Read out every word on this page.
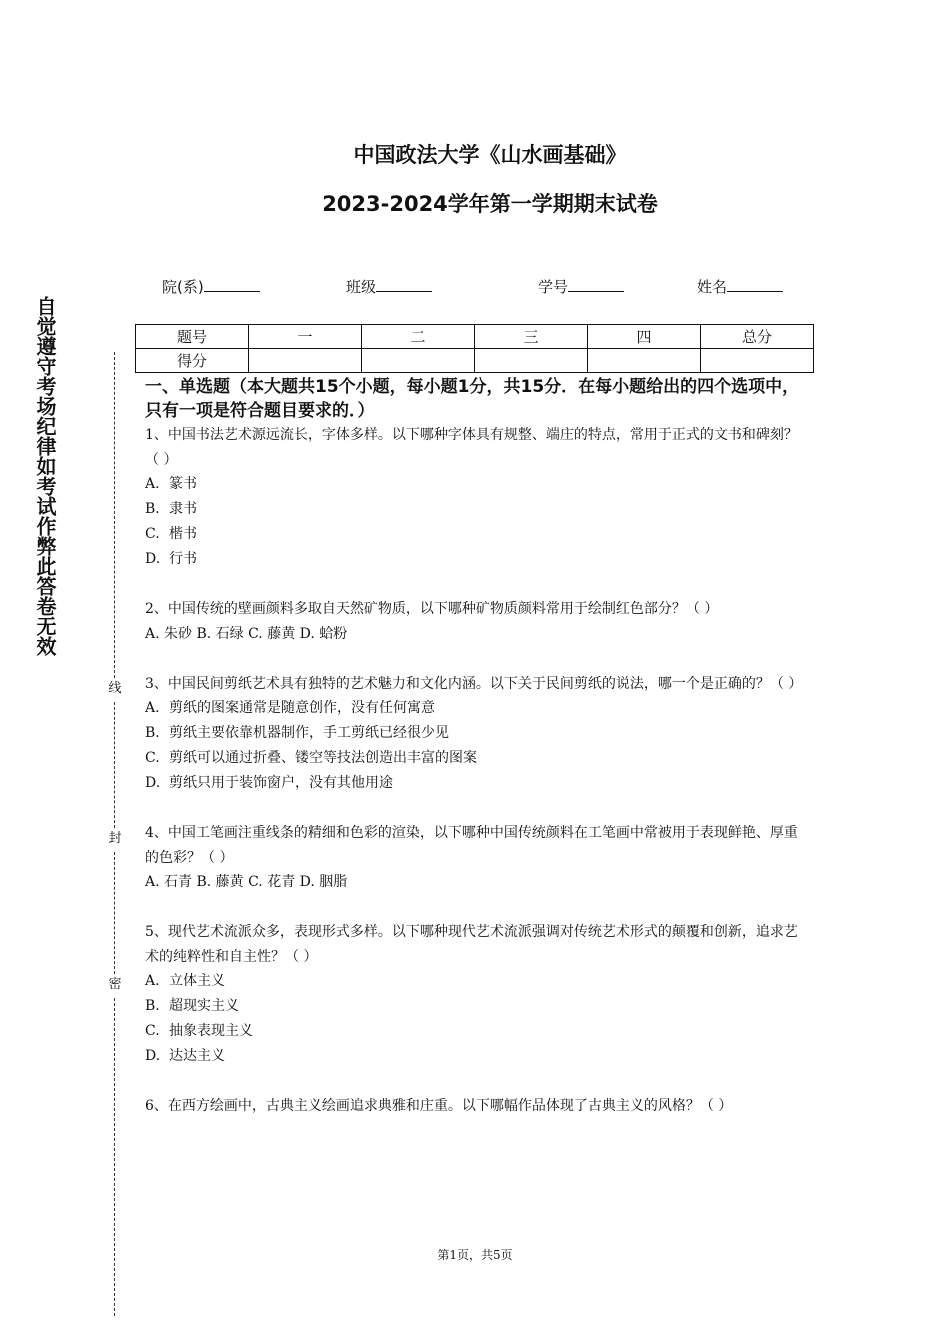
中国政法大学《山水画基础》
2023-2024学年第一学期期末试卷
院(系)	班级	学号	姓名
题号	一	二	三	四	总分
得分					
自觉遵守考场纪律如考试作弊此答卷无效
线
封
密

一、单选题（本大题共15个小题，每小题1分，共15分．在每小题给出的四个选项中，只有一项是符合题目要求的．）

1、中国书法艺术源远流长，字体多样。以下哪种字体具有规整、端庄的特点，常用于正式的文书和碑刻？（ ）

A. 篆书

B. 隶书

C. 楷书

D. 行书

2、中国传统的壁画颜料多取自天然矿物质，以下哪种矿物质颜料常用于绘制红色部分？（ ）

A. 朱砂 B. 石绿 C. 藤黄 D. 蛤粉

3、中国民间剪纸艺术具有独特的艺术魅力和文化内涵。以下关于民间剪纸的说法，哪一个是正确的？（ ）

A. 剪纸的图案通常是随意创作，没有任何寓意

B. 剪纸主要依靠机器制作，手工剪纸已经很少见

C. 剪纸可以通过折叠、镂空等技法创造出丰富的图案

D. 剪纸只用于装饰窗户，没有其他用途

4、中国工笔画注重线条的精细和色彩的渲染，以下哪种中国传统颜料在工笔画中常被用于表现鲜艳、厚重的色彩？（ ）

A. 石青 B. 藤黄 C. 花青 D. 胭脂

5、现代艺术流派众多，表现形式多样。以下哪种现代艺术流派强调对传统艺术形式的颠覆和创新，追求艺术的纯粹性和自主性？（ ）

A. 立体主义

B. 超现实主义

C. 抽象表现主义

D. 达达主义

6、在西方绘画中，古典主义绘画追求典雅和庄重。以下哪幅作品体现了古典主义的风格？（ ）

第1页，共5页
